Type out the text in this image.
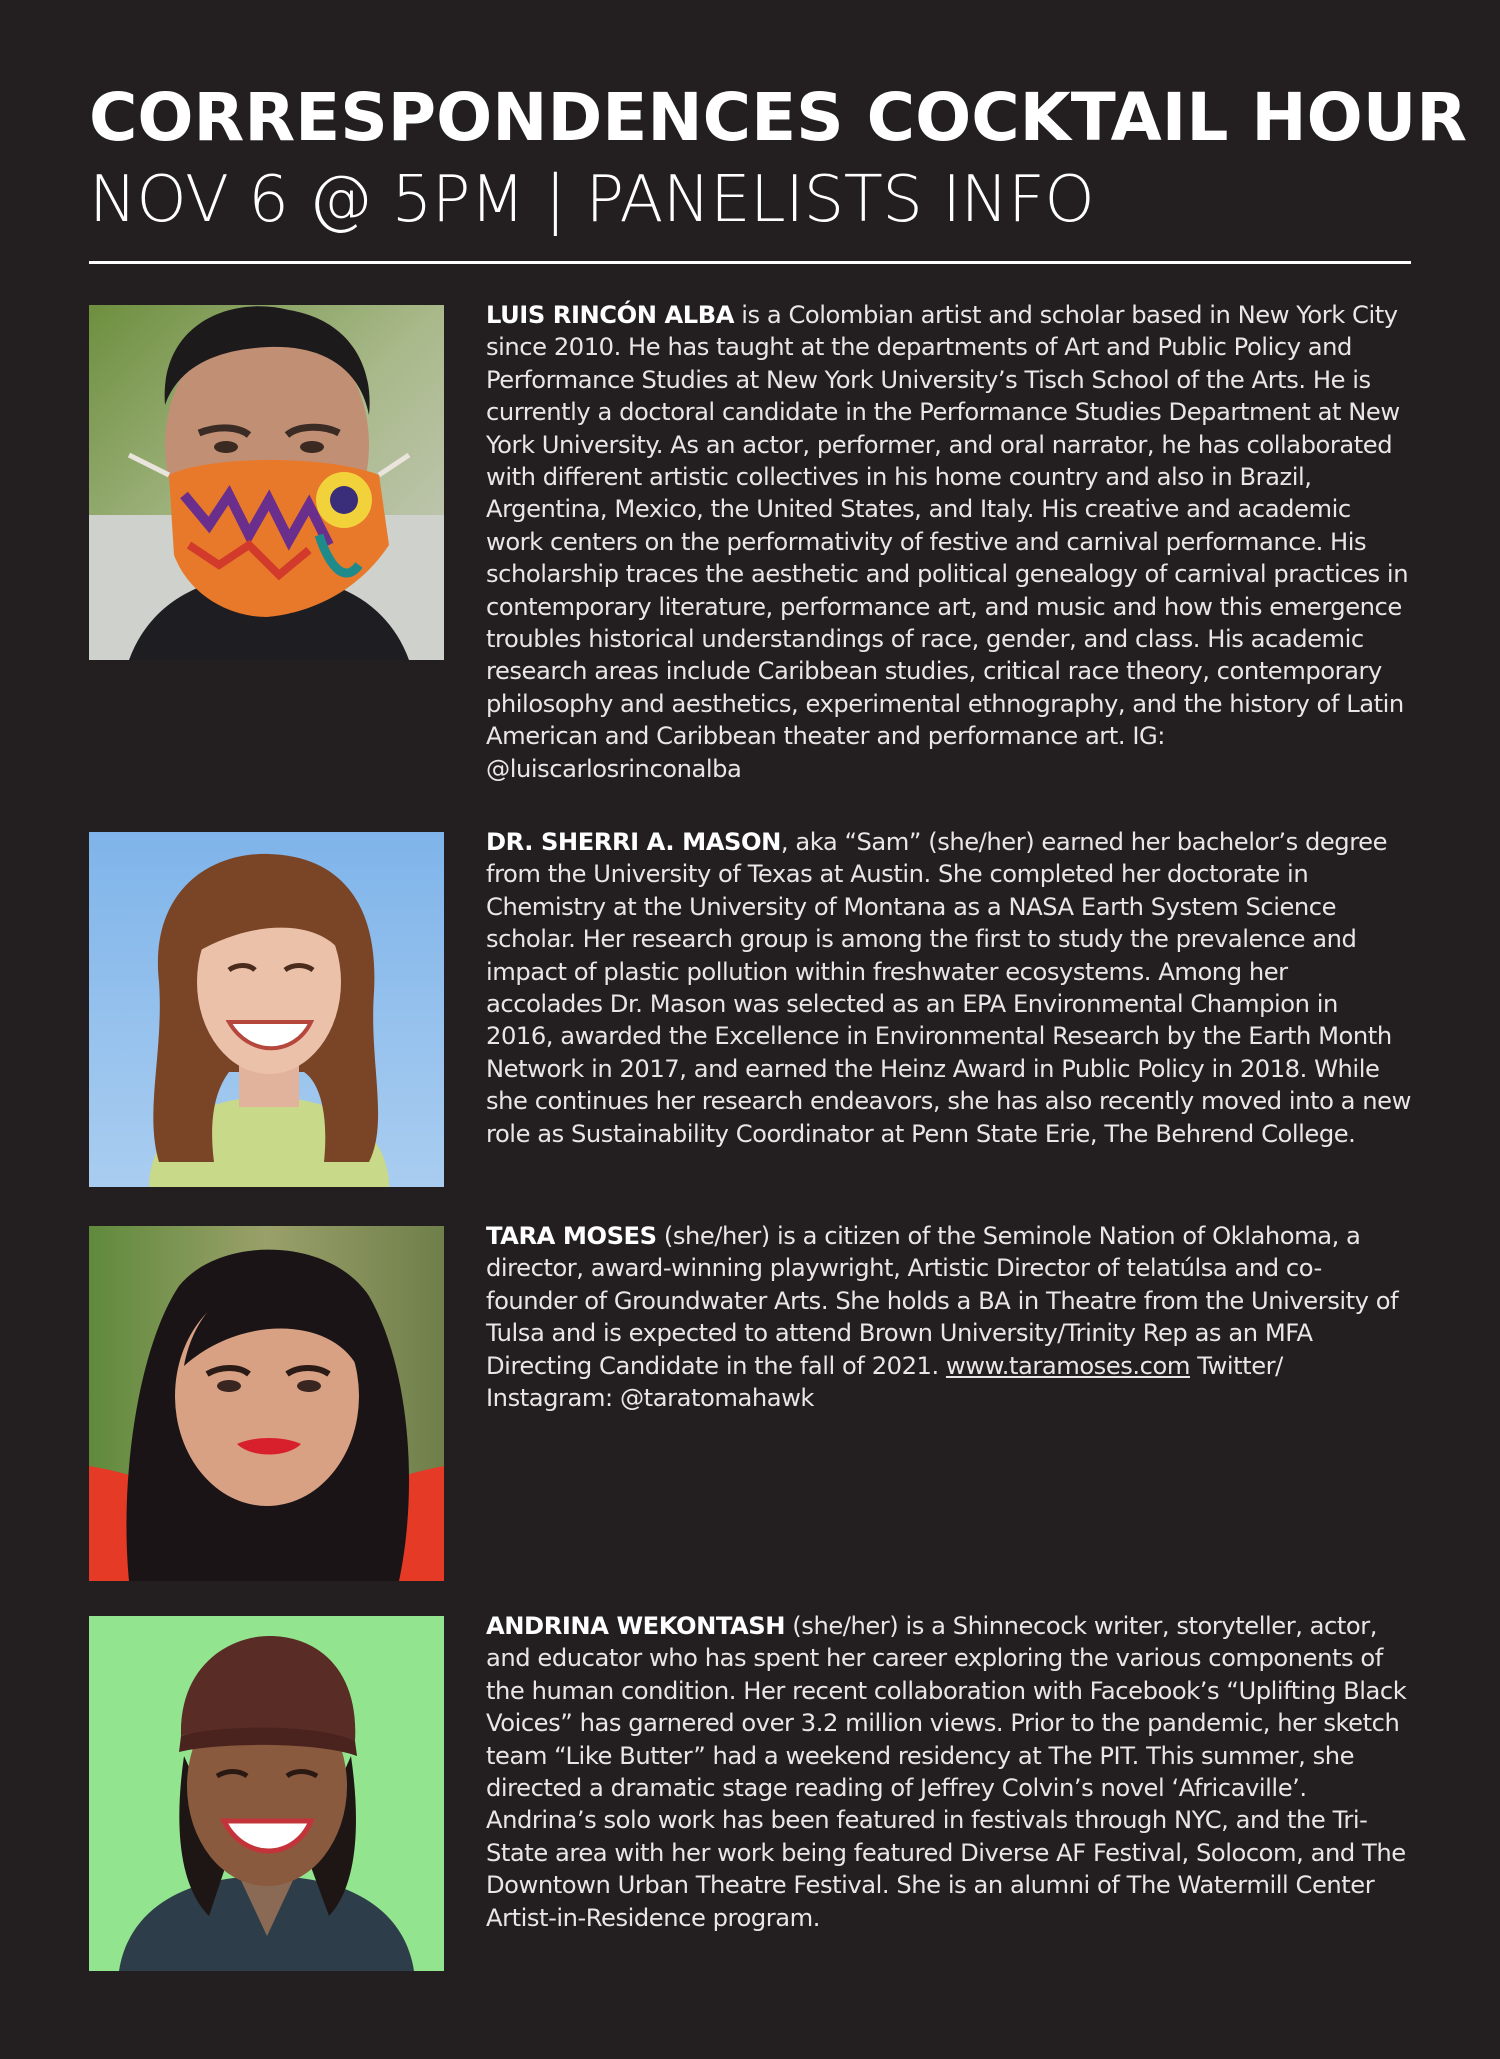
CORRESPONDENCES COCKTAIL HOUR
NOV 6 @ 5PM | PANELISTS INFO

LUIS RINCÓN ALBA is a Colombian artist and scholar based in New York City since 2010. He has taught at the departments of Art and Public Policy and Performance Studies at New York University’s Tisch School of the Arts. He is currently a doctoral candidate in the Performance Studies Department at New York University. As an actor, performer, and oral narrator, he has collaborated with different artistic collectives in his home country and also in Brazil, Argentina, Mexico, the United States, and Italy. His creative and academic work centers on the performativity of festive and carnival performance. His scholarship traces the aesthetic and political genealogy of carnival practices in contemporary literature, performance art, and music and how this emergence troubles historical understandings of race, gender, and class. His academic research areas include Caribbean studies, critical race theory, contemporary philosophy and aesthetics, experimental ethnography, and the history of Latin American and Caribbean theater and performance art. IG: @luiscarlosrinconalba

DR. SHERRI A. MASON, aka “Sam” (she/her) earned her bachelor’s degree from the University of Texas at Austin. She completed her doctorate in Chemistry at the University of Montana as a NASA Earth System Science scholar. Her research group is among the first to study the prevalence and impact of plastic pollution within freshwater ecosystems. Among her accolades Dr. Mason was selected as an EPA Environmental Champion in 2016, awarded the Excellence in Environmental Research by the Earth Month Network in 2017, and earned the Heinz Award in Public Policy in 2018. While she continues her research endeavors, she has also recently moved into a new role as Sustainability Coordinator at Penn State Erie, The Behrend College.

TARA MOSES (she/her) is a citizen of the Seminole Nation of Oklahoma, a director, award-winning playwright, Artistic Director of telatúlsa and co-founder of Groundwater Arts. She holds a BA in Theatre from the University of Tulsa and is expected to attend Brown University/Trinity Rep as an MFA Directing Candidate in the fall of 2021. www.taramoses.com Twitter/ Instagram: @taratomahawk

ANDRINA WEKONTASH (she/her) is a Shinnecock writer, storyteller, actor, and educator who has spent her career exploring the various components of the human condition. Her recent collaboration with Facebook’s “Uplifting Black Voices” has garnered over 3.2 million views. Prior to the pandemic, her sketch team “Like Butter” had a weekend residency at The PIT. This summer, she directed a dramatic stage reading of Jeffrey Colvin’s novel ‘Africaville’. Andrina’s solo work has been featured in festivals through NYC, and the Tri-State area with her work being featured Diverse AF Festival, Solocom, and The Downtown Urban Theatre Festival. She is an alumni of The Watermill Center Artist-in-Residence program.
